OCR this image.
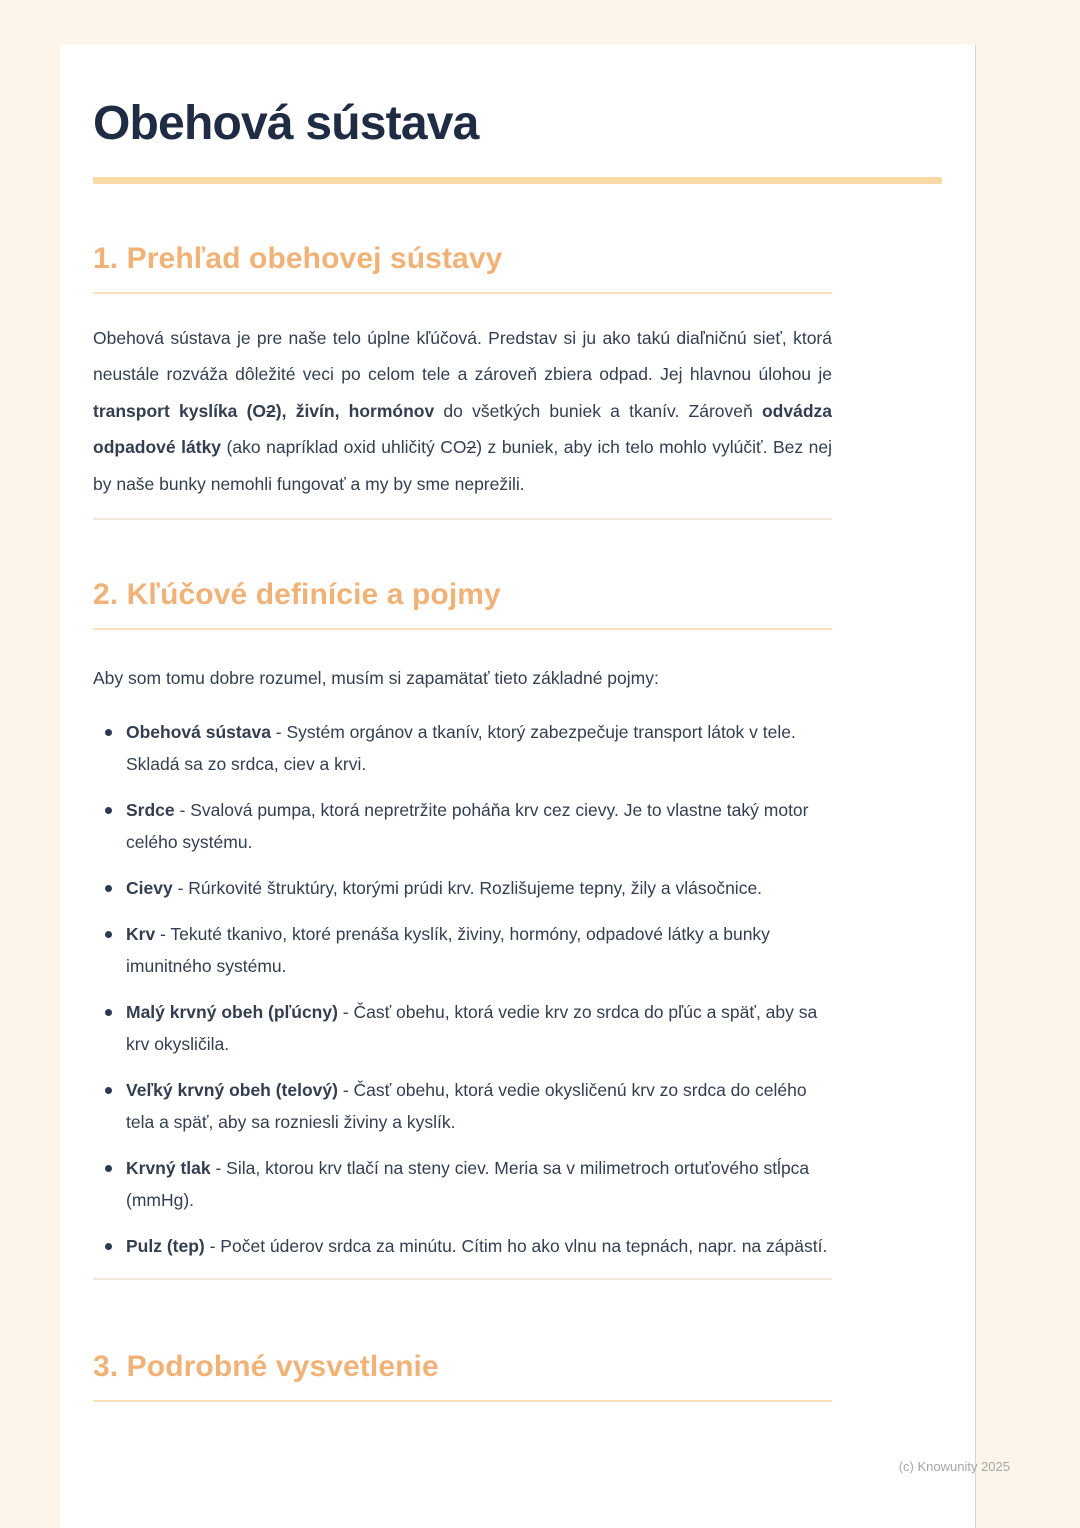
Obehová sústava
1. Prehľad obehovej sústavy

Obehová sústava je pre naše telo úplne kľúčová. Predstav si ju ako takú diaľničnú sieť, ktorá neustále rozváža dôležité veci po celom tele a zároveň zbiera odpad. Jej hlavnou úlohou je transport kyslíka (O2), živín, hormónov do všetkých buniek a tkanív. Zároveň odvádza odpadové látky (ako napríklad oxid uhličitý CO2) z buniek, aby ich telo mohlo vylúčiť. Bez nej by naše bunky nemohli fungovať a my by sme neprežili.

2. Kľúčové definície a pojmy

Aby som tomu dobre rozumel, musím si zapamätať tieto základné pojmy:

Obehová sústava - Systém orgánov a tkanív, ktorý zabezpečuje transport látok v tele. Skladá sa zo srdca, ciev a krvi.
Srdce - Svalová pumpa, ktorá nepretržite poháňa krv cez cievy. Je to vlastne taký motor celého systému.
Cievy - Rúrkovité štruktúry, ktorými prúdi krv. Rozlišujeme tepny, žily a vlásočnice.
Krv - Tekuté tkanivo, ktoré prenáša kyslík, živiny, hormóny, odpadové látky a bunky imunitného systému.
Malý krvný obeh (pľúcny) - Časť obehu, ktorá vedie krv zo srdca do pľúc a späť, aby sa krv okysličila.
Veľký krvný obeh (telový) - Časť obehu, ktorá vedie okysličenú krv zo srdca do celého tela a späť, aby sa rozniesli živiny a kyslík.
Krvný tlak - Sila, ktorou krv tlačí na steny ciev. Meria sa v milimetroch ortuťového stĺpca (mmHg).
Pulz (tep) - Počet úderov srdca za minútu. Cítim ho ako vlnu na tepnách, napr. na zápästí.
3. Podrobné vysvetlenie
(c) Knowunity 2025
